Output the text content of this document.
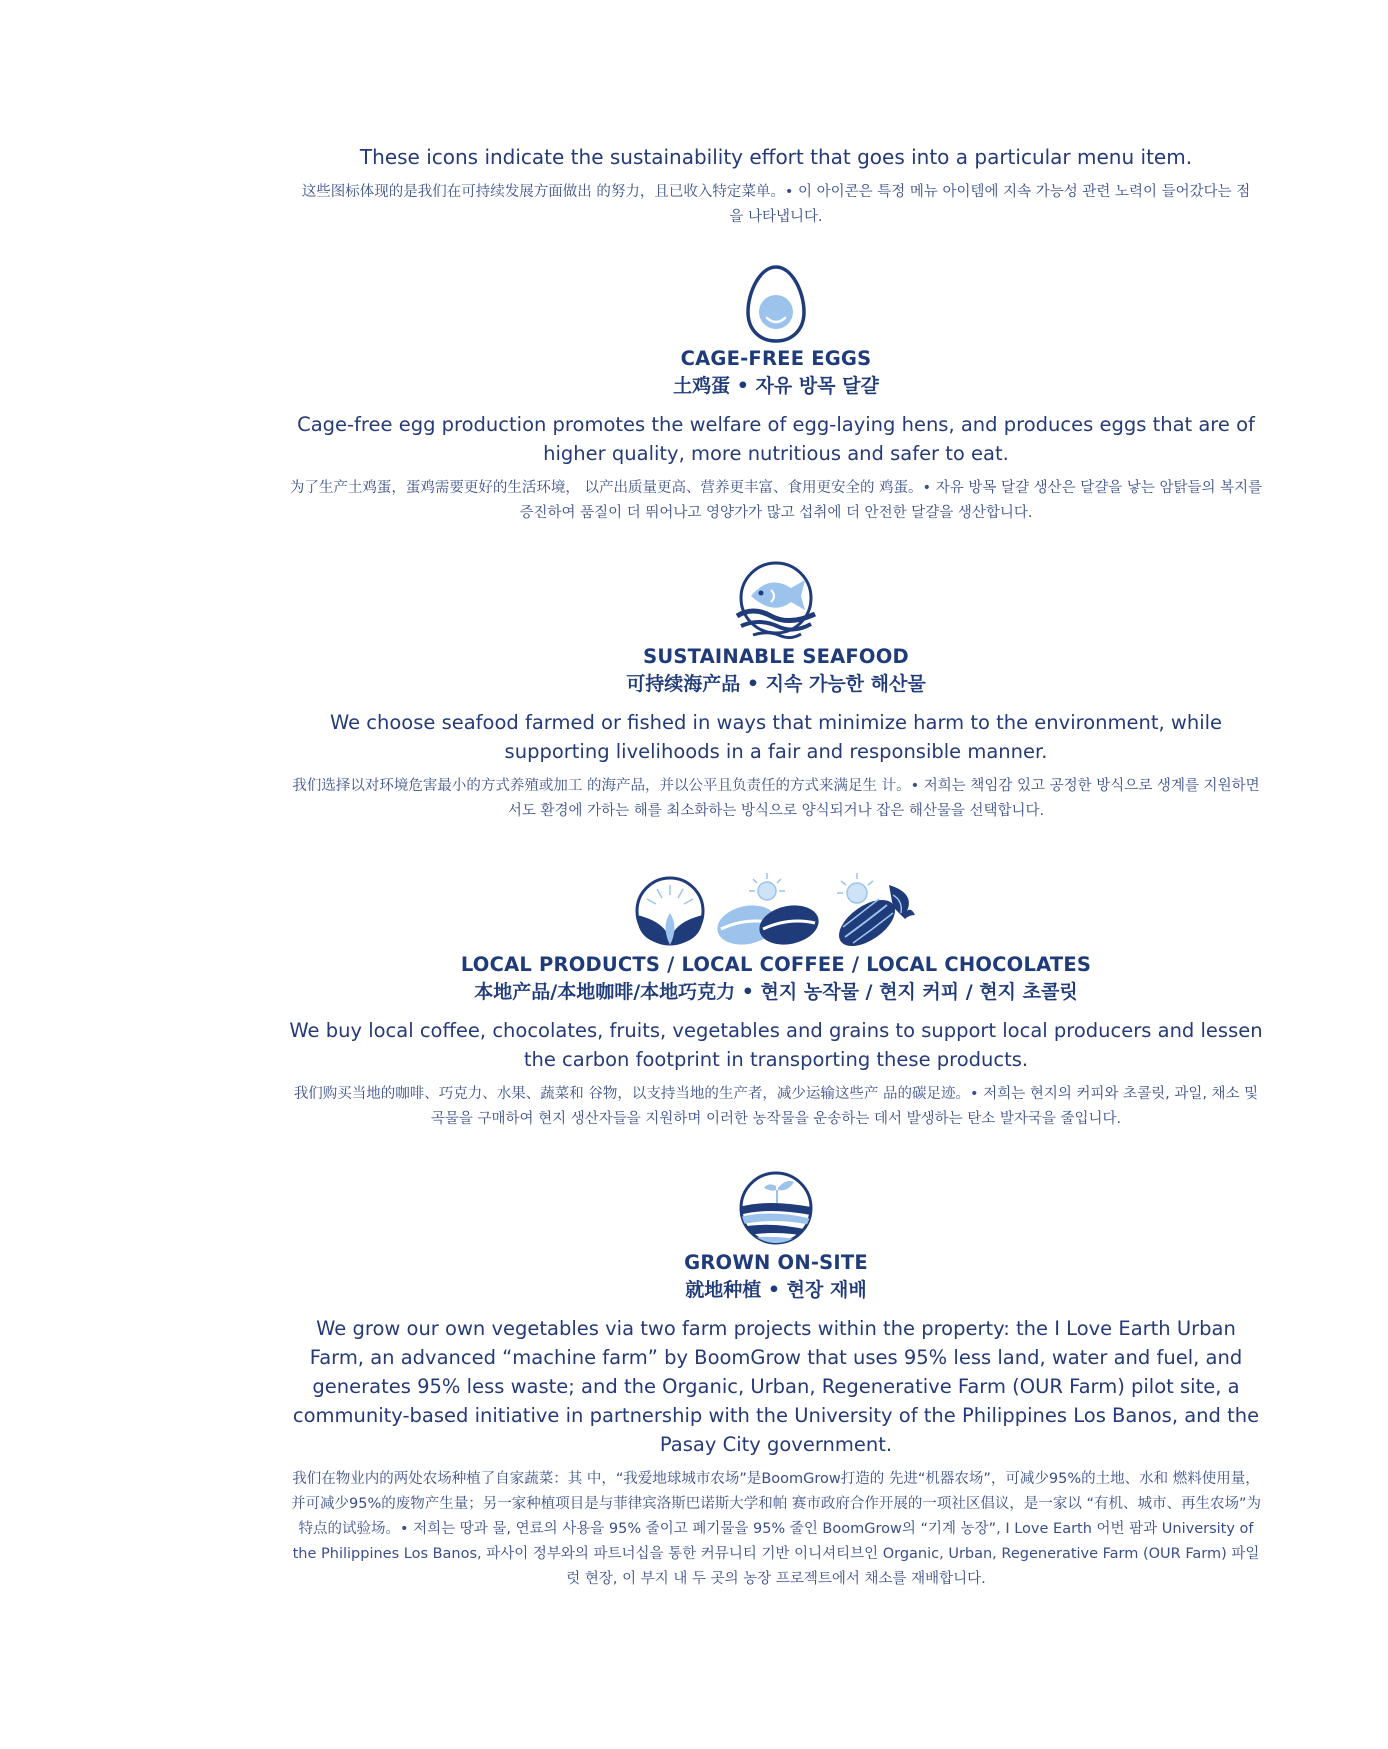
These icons indicate the sustainability effort that goes into a particular menu item.
这些图标体现的是我们在可持续发展方面做出 的努力，且已收入特定菜单。• 이 아이콘은 특정 메뉴 아이템에 지속 가능성 관련 노력이 들어갔다는 점을 나타냅니다.
CAGE-FREE EGGS
土鸡蛋 • 자유 방목 달걀
Cage-free egg production promotes the welfare of egg-laying hens, and produces eggs that are of higher quality, more nutritious and safer to eat.
为了生产土鸡蛋，蛋鸡需要更好的生活环境， 以产出质量更高、营养更丰富、食用更安全的 鸡蛋。• 자유 방목 달걀 생산은 달걀을 낳는 암탉들의 복지를 증진하여 품질이 더 뛰어나고 영양가가 많고 섭취에 더 안전한 달걀을 생산합니다.
SUSTAINABLE SEAFOOD
可持续海产品 • 지속 가능한 해산물
We choose seafood farmed or fished in ways that minimize harm to the environment, while supporting livelihoods in a fair and responsible manner.
我们选择以对环境危害最小的方式养殖或加工 的海产品，并以公平且负责任的方式来满足生 计。• 저희는 책임감 있고 공정한 방식으로 생계를 지원하면서도 환경에 가하는 해를 최소화하는 방식으로 양식되거나 잡은 해산물을 선택합니다.
LOCAL PRODUCTS / LOCAL COFFEE / LOCAL CHOCOLATES
本地产品/本地咖啡/本地巧克力 • 현지 농작물 / 현지 커피 / 현지 초콜릿
We buy local coffee, chocolates, fruits, vegetables and grains to support local producers and lessen the carbon footprint in transporting these products.
我们购买当地的咖啡、巧克力、水果、蔬菜和 谷物，以支持当地的生产者，减少运输这些产 品的碳足迹。• 저희는 현지의 커피와 초콜릿, 과일, 채소 및 곡물을 구매하여 현지 생산자들을 지원하며 이러한 농작물을 운송하는 데서 발생하는 탄소 발자국을 줄입니다.
GROWN ON-SITE
就地种植 • 현장 재배
We grow our own vegetables via two farm projects within the property: the I Love Earth Urban Farm, an advanced “machine farm” by BoomGrow that uses 95% less land, water and fuel, and generates 95% less waste; and the Organic, Urban, Regenerative Farm (OUR Farm) pilot site, a community-based initiative in partnership with the University of the Philippines Los Banos, and the Pasay City government.
我们在物业内的两处农场种植了自家蔬菜：其 中，“我爱地球城市农场”是BoomGrow打造的 先进“机器农场”，可减少95%的土地、水和 燃料使用量，并可减少95%的废物产生量；另一家种植项目是与菲律宾洛斯巴诺斯大学和帕 赛市政府合作开展的一项社区倡议，是一家以 “有机、城市、再生农场”为特点的试验场。• 저희는 땅과 물, 연료의 사용을 95% 줄이고 폐기물을 95% 줄인 BoomGrow의 “기계 농장”, I Love Earth 어번 팜과 University of the Philippines Los Banos, 파사이 정부와의 파트너십을 통한 커뮤니티 기반 이니셔티브인 Organic, Urban, Regenerative Farm (OUR Farm) 파일럿 현장, 이 부지 내 두 곳의 농장 프로젝트에서 채소를 재배합니다.
